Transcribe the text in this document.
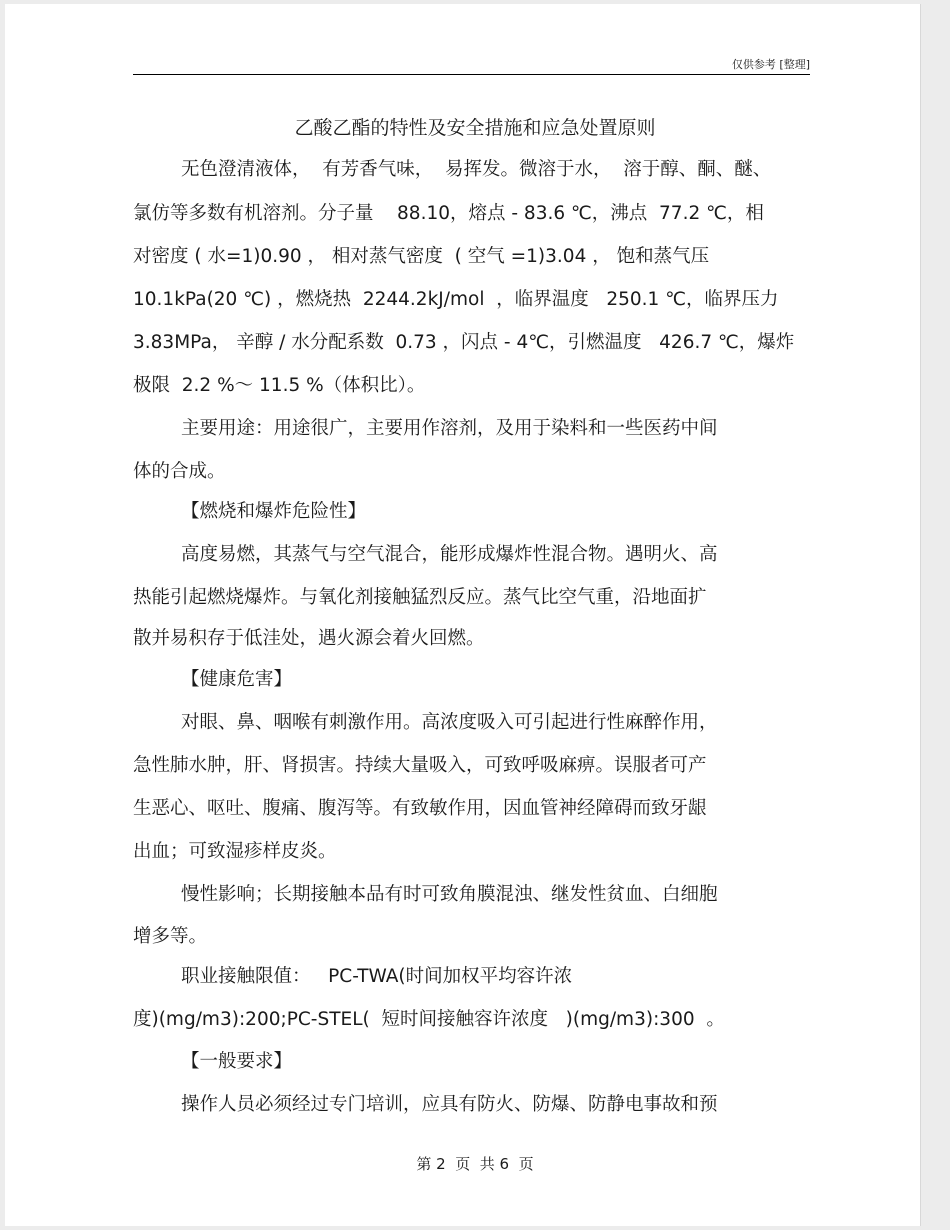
仅供参考 [整理]
乙酸乙酯的特性及安全措施和应急处置原则
无色澄清液体，  有芳香气味，  易挥发。微溶于水，  溶于醇、酮、醚、
氯仿等多数有机溶剂。分子量    88.10，熔点 - 83.6 ℃，沸点  77.2 ℃，相
对密度 ( 水=1)0.90 ， 相对蒸气密度  ( 空气 =1)3.04 ， 饱和蒸气压
10.1kPa(20 ℃) ，燃烧热  2244.2kJ/mol  ，临界温度   250.1 ℃，临界压力
3.83MPa， 辛醇 / 水分配系数  0.73 ，闪点 - 4℃，引燃温度   426.7 ℃，爆炸
极限  2.2 %～ 11.5 %（体积比）。
主要用途：用途很广，主要用作溶剂，及用于染料和一些医药中间
体的合成。
【燃烧和爆炸危险性】
高度易燃，其蒸气与空气混合，能形成爆炸性混合物。遇明火、高
热能引起燃烧爆炸。与氧化剂接触猛烈反应。蒸气比空气重，沿地面扩
散并易积存于低洼处，遇火源会着火回燃。
【健康危害】
对眼、鼻、咽喉有刺激作用。高浓度吸入可引起进行性麻醉作用，
急性肺水肿，肝、肾损害。持续大量吸入，可致呼吸麻痹。误服者可产
生恶心、呕吐、腹痛、腹泻等。有致敏作用，因血管神经障碍而致牙龈
出血；可致湿疹样皮炎。
慢性影响；长期接触本品有时可致角膜混浊、继发性贫血、白细胞
增多等。
职业接触限值：   PC-TWA(时间加权平均容许浓
度)(mg/m3):200;PC-STEL(  短时间接触容许浓度   )(mg/m3):300  。
【一般要求】
操作人员必须经过专门培训，应具有防火、防爆、防静电事故和预
第 2  页  共 6  页
